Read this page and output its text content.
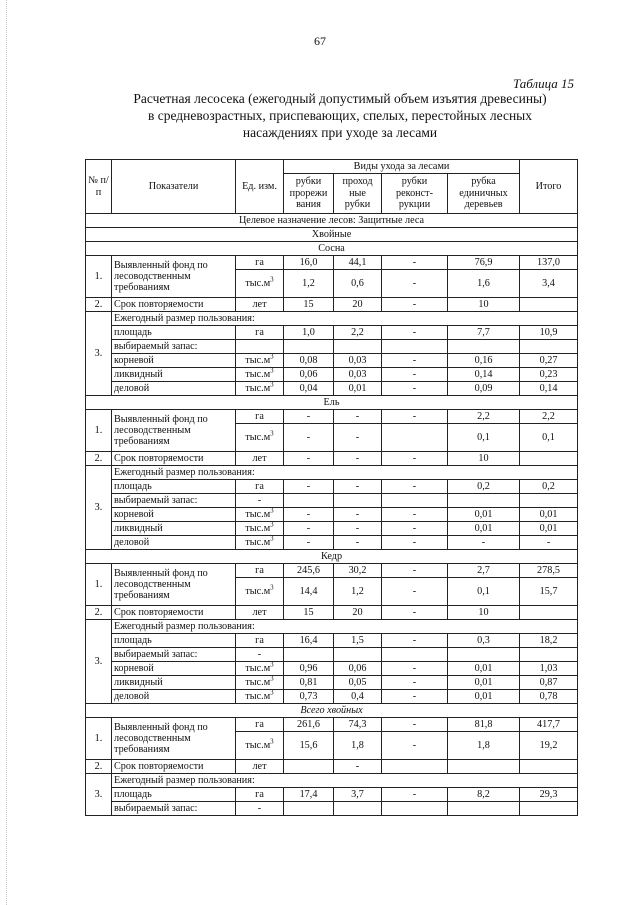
67
Таблица 15
Расчетная лесосека (ежегодный допустимый объем изъятия древесины)
в средневозрастных, приспевающих, спелых, перестойных лесных
насаждениях при уходе за лесами
№ п/п	Показатели	Ед. изм.	Виды ухода за лесами				Итого
			рубки прорежи вания	проход ные рубки	рубки реконст- рукции	рубка единичных деревьев	
Целевое назначение лесов: Защитные леса							
Хвойные							
Сосна							
1.	Выявленный фонд по лесоводственным требованиям	га	16,0	44,1	-	76,9	137,0
		$тыс.м^3$	1,2	0,6	-	1,6	3,4
2.	Срок повторяемости	лет	15	20	-	10	
3.	Ежегодный размер пользования:						
	площадь	га	1,0	2,2	-	7,7	10,9
	выбираемый запас:						
	корневой	$тыс.м^3$	0,08	0,03	-	0,16	0,27
	ликвидный	$тыс.м^3$	0,06	0,03	-	0,14	0,23
	деловой	$тыс.м^3$	0,04	0,01	-	0,09	0,14
Ель							
1.	Выявленный фонд по лесоводственным требованиям	га	-	-	-	2,2	2,2
		$тыс.м^3$	-	-		0,1	0,1
2.	Срок повторяемости	лет	-	-	-	10	
3.	Ежегодный размер пользования:						
	площадь	га	-	-	-	0,2	0,2
	выбираемый запас:	-					
	корневой	$тыс.м^3$	-	-	-	0,01	0,01
	ликвидный	$тыс.м^3$	-	-	-	0,01	0,01
	деловой	$тыс.м^3$	-	-	-	-	-
Кедр							
1.	Выявленный фонд по лесоводственным требованиям	га	245,6	30,2	-	2,7	278,5
		$тыс.м^3$	14,4	1,2	-	0,1	15,7
2.	Срок повторяемости	лет	15	20	-	10	
3.	Ежегодный размер пользования:						
	площадь	га	16,4	1,5	-	0,3	18,2
	выбираемый запас:	-					
	корневой	$тыс.м^3$	0,96	0,06	-	0,01	1,03
	ликвидный	$тыс.м^3$	0,81	0,05	-	0,01	0,87
	деловой	$тыс.м^3$	0,73	0,4	-	0,01	0,78
Всего хвойных							
1.	Выявленный фонд по лесоводственным требованиям	га	261,6	74,3	-	81,8	417,7
		$тыс.м^3$	15,6	1,8	-	1,8	19,2
2.	Срок повторяемости	лет		-			
3.	Ежегодный размер пользования:						
	площадь	га	17,4	3,7	-	8,2	29,3
	выбираемый запас:	-					
